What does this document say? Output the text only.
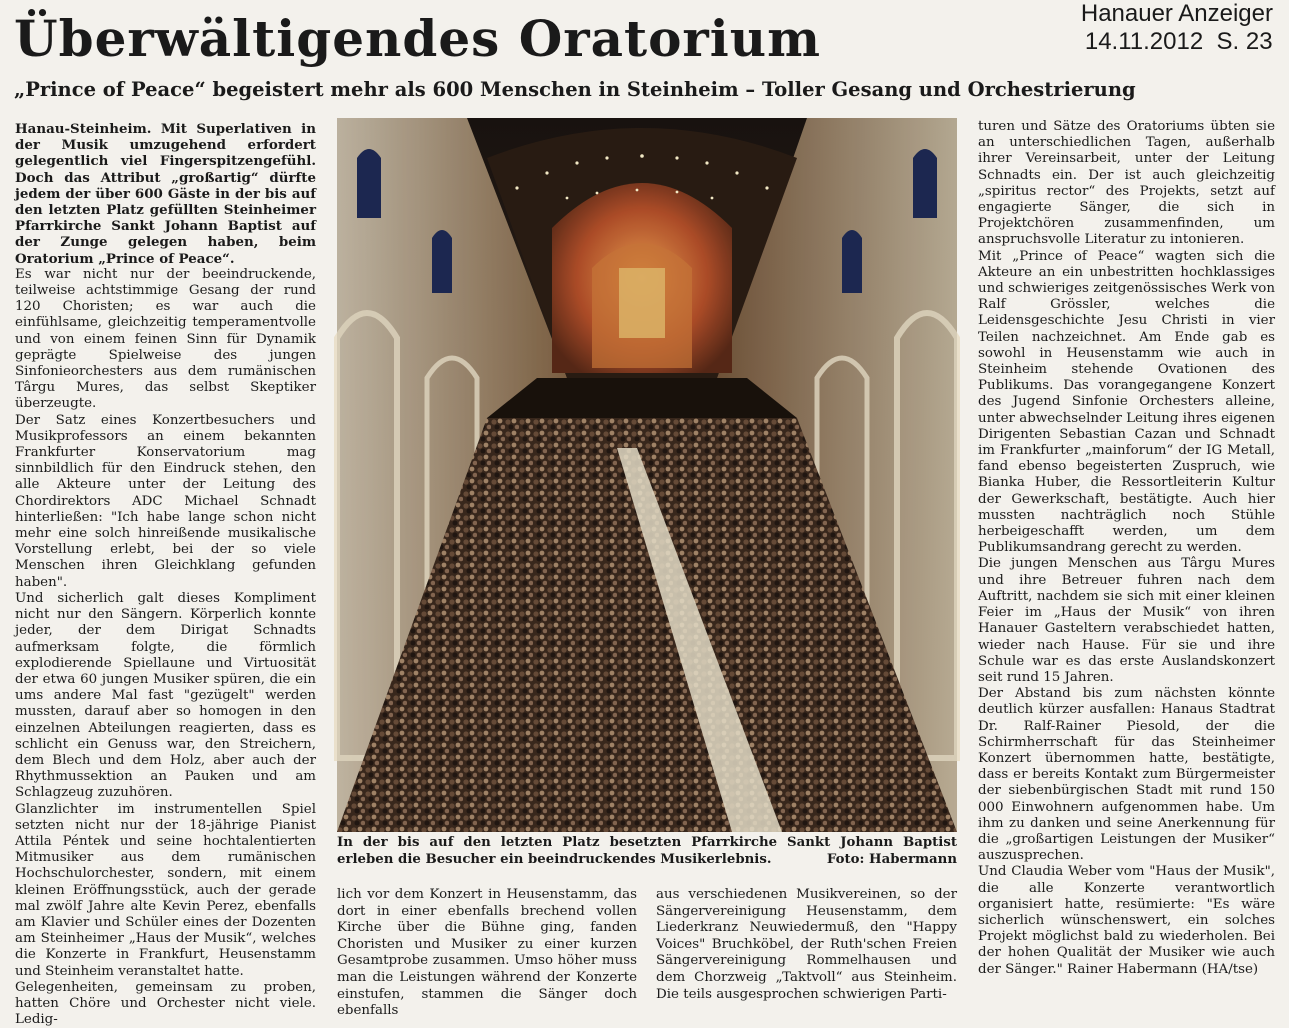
Hanauer Anzeiger
14.11.2012 S. 23
Überwältigendes Oratorium
„Prince of Peace“ begeistert mehr als 600 Menschen in Steinheim – Toller Gesang und Orchestrierung

Hanau-Steinheim. Mit Superlativen in der Musik umzugehend erfordert gelegentlich viel Fingerspitzengefühl. Doch das Attribut „großartig“ dürfte jedem der über 600 Gäste in der bis auf den letzten Platz gefüllten Steinheimer Pfarrkirche Sankt Johann Baptist auf der Zunge gelegen haben, beim Oratorium „Prince of Peace“.

Es war nicht nur der beeindruckende, teilweise achtstimmige Gesang der rund 120 Choristen; es war auch die einfühlsame, gleichzeitig temperamentvolle und von einem feinen Sinn für Dynamik geprägte Spielweise des jungen Sinfonieorchesters aus dem rumänischen Târgu Mures, das selbst Skeptiker überzeugte.

Der Satz eines Konzertbesuchers und Musikprofessors an einem bekannten Frankfurter Konservatorium mag sinnbildlich für den Eindruck stehen, den alle Akteure unter der Leitung des Chordirektors ADC Michael Schnadt hinterließen: "Ich habe lange schon nicht mehr eine solch hinreißende musikalische Vorstellung erlebt, bei der so viele Menschen ihren Gleichklang gefunden haben".

Und sicherlich galt dieses Kompliment nicht nur den Sängern. Körperlich konnte jeder, der dem Dirigat Schnadts aufmerksam folgte, die förmlich explodierende Spiellaune und Virtuosität der etwa 60 jungen Musiker spüren, die ein ums andere Mal fast "gezügelt" werden mussten, darauf aber so homogen in den einzelnen Abteilungen reagierten, dass es schlicht ein Genuss war, den Streichern, dem Blech und dem Holz, aber auch der Rhythmussektion an Pauken und am Schlagzeug zuzuhören.

Glanzlichter im instrumentellen Spiel setzten nicht nur der 18-jährige Pianist Attila Péntek und seine hochtalentierten Mitmusiker aus dem rumänischen Hochschulorchester, sondern, mit einem kleinen Eröffnungsstück, auch der gerade mal zwölf Jahre alte Kevin Perez, ebenfalls am Klavier und Schüler eines der Dozenten am Steinheimer „Haus der Musik“, welches die Konzerte in Frankfurt, Heusenstamm und Steinheim veranstaltet hatte.

Gelegenheiten, gemeinsam zu proben, hatten Chöre und Orchester nicht viele. Ledig-

In der bis auf den letzten Platz besetzten Pfarrkirche Sankt Johann Baptist erleben die Besucher ein beeindruckendes Musikerlebnis.	Foto: Habermann

lich vor dem Konzert in Heusenstamm, das dort in einer ebenfalls brechend vollen Kirche über die Bühne ging, fanden Choristen und Musiker zu einer kurzen Gesamtprobe zusammen. Umso höher muss man die Leistungen während der Konzerte einstufen, stammen die Sänger doch ebenfalls

aus verschiedenen Musikvereinen, so der Sängervereinigung Heusenstamm, dem Liederkranz Neuwiedermuß, den "Happy Voices" Bruchköbel, der Ruth'schen Freien Sängervereinigung Rommelhausen und dem Chorzweig „Taktvoll“ aus Steinheim. Die teils ausgesprochen schwierigen Parti-

turen und Sätze des Oratoriums übten sie an unterschiedlichen Tagen, außerhalb ihrer Vereinsarbeit, unter der Leitung Schnadts ein. Der ist auch gleichzeitig „spiritus rector“ des Projekts, setzt auf engagierte Sänger, die sich in Projektchören zusammenfinden, um anspruchsvolle Literatur zu intonieren.

Mit „Prince of Peace“ wagten sich die Akteure an ein unbestritten hochklassiges und schwieriges zeitgenössisches Werk von Ralf Grössler, welches die Leidensgeschichte Jesu Christi in vier Teilen nachzeichnet. Am Ende gab es sowohl in Heusenstamm wie auch in Steinheim stehende Ovationen des Publikums. Das vorangegangene Konzert des Jugend Sinfonie Orchesters alleine, unter abwechselnder Leitung ihres eigenen Dirigenten Sebastian Cazan und Schnadt im Frankfurter „mainforum“ der IG Metall, fand ebenso begeisterten Zuspruch, wie Bianka Huber, die Ressortleiterin Kultur der Gewerkschaft, bestätigte. Auch hier mussten nachträglich noch Stühle herbeigeschafft werden, um dem Publikumsandrang gerecht zu werden.

Die jungen Menschen aus Târgu Mures und ihre Betreuer fuhren nach dem Auftritt, nachdem sie sich mit einer kleinen Feier im „Haus der Musik“ von ihren Hanauer Gasteltern verabschiedet hatten, wieder nach Hause. Für sie und ihre Schule war es das erste Auslandskonzert seit rund 15 Jahren.

Der Abstand bis zum nächsten könnte deutlich kürzer ausfallen: Hanaus Stadtrat Dr. Ralf-Rainer Piesold, der die Schirmherrschaft für das Steinheimer Konzert übernommen hatte, bestätigte, dass er bereits Kontakt zum Bürgermeister der siebenbürgischen Stadt mit rund 150 000 Einwohnern aufgenommen habe. Um ihm zu danken und seine Anerkennung für die „großartigen Leistungen der Musiker“ auszusprechen.

Und Claudia Weber vom "Haus der Musik", die alle Konzerte verantwortlich organisiert hatte, resümierte: "Es wäre sicherlich wünschenswert, ein solches Projekt möglichst bald zu wiederholen. Bei der hohen Qualität der Musiker wie auch der Sänger." Rainer Habermann (HA/tse)
